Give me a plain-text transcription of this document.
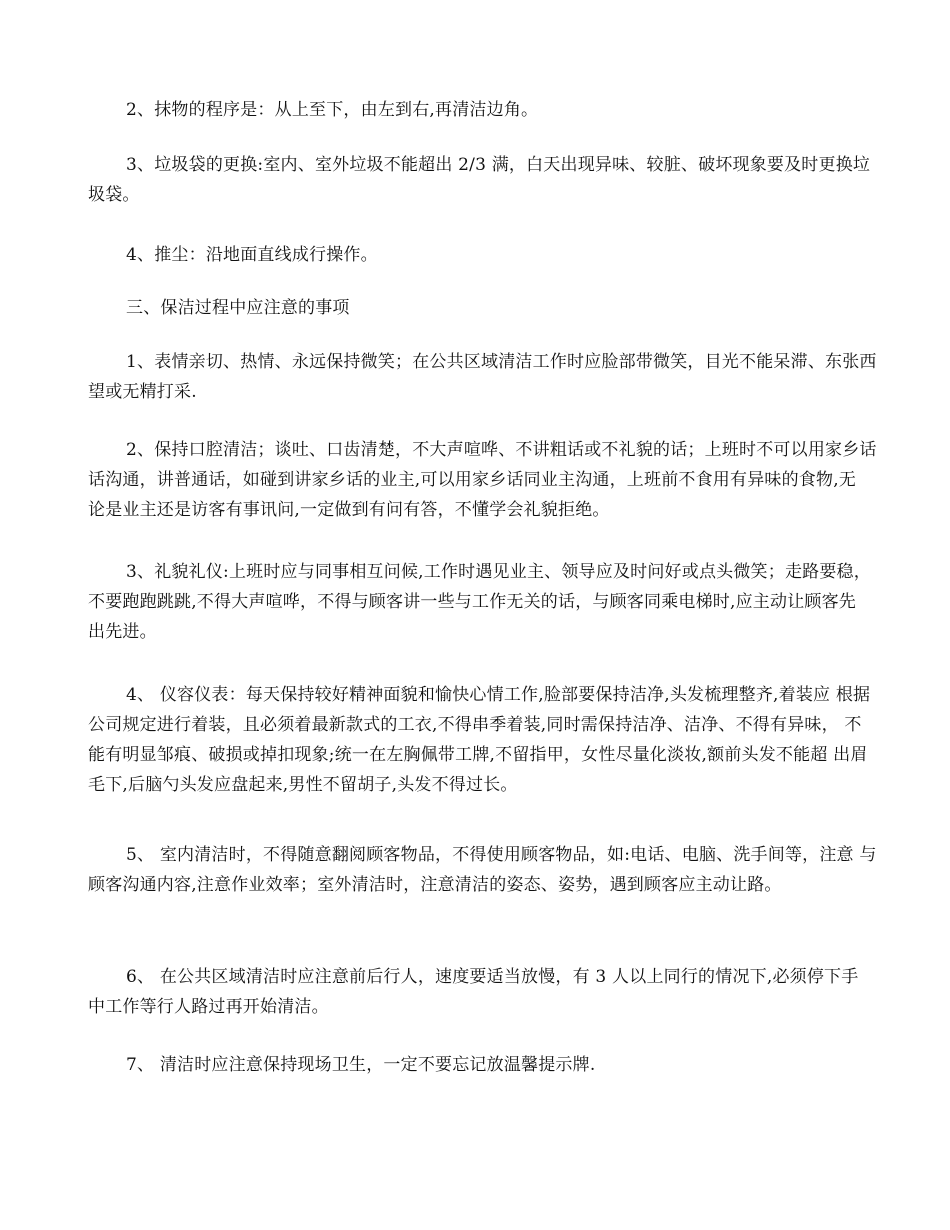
2、抹物的程序是：从上至下，由左到右,再清洁边角。

3、垃圾袋的更换:室内、室外垃圾不能超出 2/3 满，白天出现异味、较脏、破坏现象要及时更换垃 圾袋。

4、推尘：沿地面直线成行操作。

三、保洁过程中应注意的事项

1、表情亲切、热情、永远保持微笑；在公共区域清洁工作时应脸部带微笑，目光不能呆滞、东张西 望或无精打采.

2、保持口腔清洁；谈吐、口齿清楚，不大声喧哗、不讲粗话或不礼貌的话；上班时不可以用家乡话 话沟通，讲普通话，如碰到讲家乡话的业主,可以用家乡话同业主沟通，上班前不食用有异味的食物,无 论是业主还是访客有事讯问,一定做到有问有答，不懂学会礼貌拒绝。

3、礼貌礼仪:上班时应与同事相互问候,工作时遇见业主、领导应及时问好或点头微笑；走路要稳， 不要跑跑跳跳,不得大声喧哗，不得与顾客讲一些与工作无关的话，与顾客同乘电梯时,应主动让顾客先 出先进。

4、 仪容仪表：每天保持较好精神面貌和愉快心情工作,脸部要保持洁净,头发梳理整齐,着装应 根据公司规定进行着装，且必须着最新款式的工衣,不得串季着装,同时需保持洁净、洁净、不得有异味， 不能有明显邹痕、破损或掉扣现象;统一在左胸佩带工牌,不留指甲，女性尽量化淡妆,额前头发不能超 出眉毛下,后脑勺头发应盘起来,男性不留胡子,头发不得过长。

5、 室内清洁时，不得随意翻阅顾客物品，不得使用顾客物品，如:电话、电脑、洗手间等，注意 与顾客沟通内容,注意作业效率；室外清洁时，注意清洁的姿态、姿势，遇到顾客应主动让路。

6、 在公共区域清洁时应注意前后行人，速度要适当放慢，有 3 人以上同行的情况下,必须停下手 中工作等行人路过再开始清洁。

7、 清洁时应注意保持现场卫生，一定不要忘记放温馨提示牌.
